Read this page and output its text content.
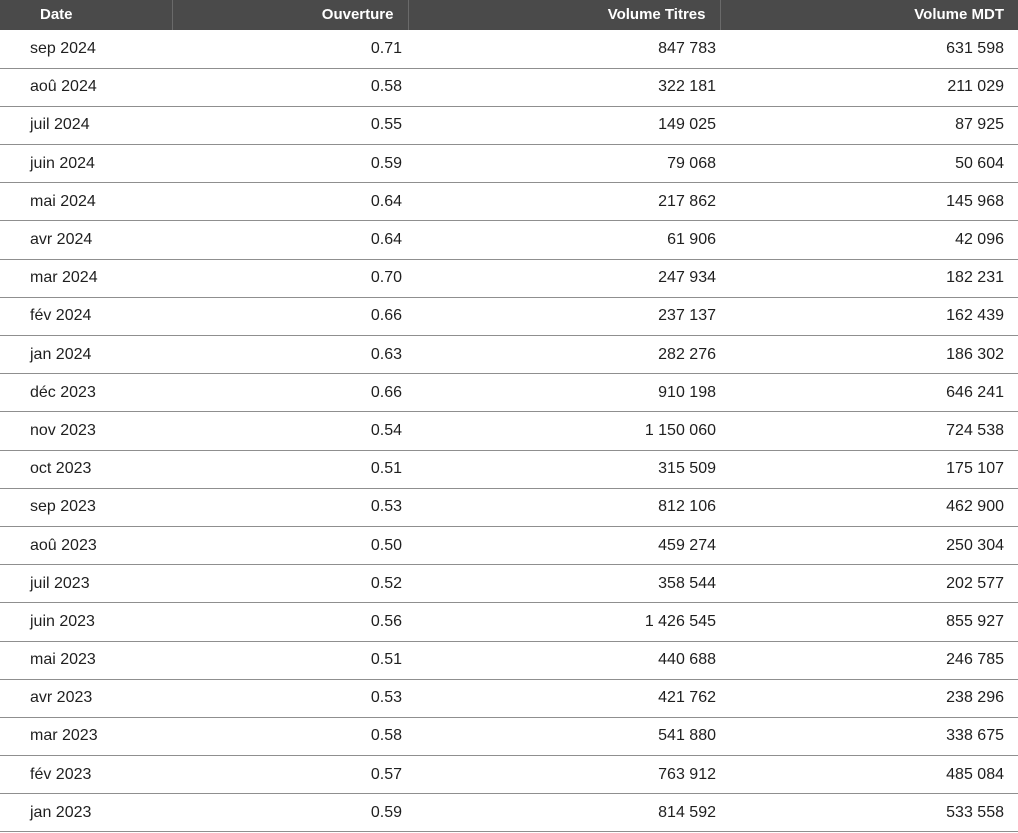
Date	Ouverture	Volume Titres	Volume MDT
sep 2024	0.71	847 783	631 598
aoû 2024	0.58	322 181	211 029
juil 2024	0.55	149 025	87 925
juin 2024	0.59	79 068	50 604
mai 2024	0.64	217 862	145 968
avr 2024	0.64	61 906	42 096
mar 2024	0.70	247 934	182 231
fév 2024	0.66	237 137	162 439
jan 2024	0.63	282 276	186 302
déc 2023	0.66	910 198	646 241
nov 2023	0.54	1 150 060	724 538
oct 2023	0.51	315 509	175 107
sep 2023	0.53	812 106	462 900
aoû 2023	0.50	459 274	250 304
juil 2023	0.52	358 544	202 577
juin 2023	0.56	1 426 545	855 927
mai 2023	0.51	440 688	246 785
avr 2023	0.53	421 762	238 296
mar 2023	0.58	541 880	338 675
fév 2023	0.57	763 912	485 084
jan 2023	0.59	814 592	533 558
